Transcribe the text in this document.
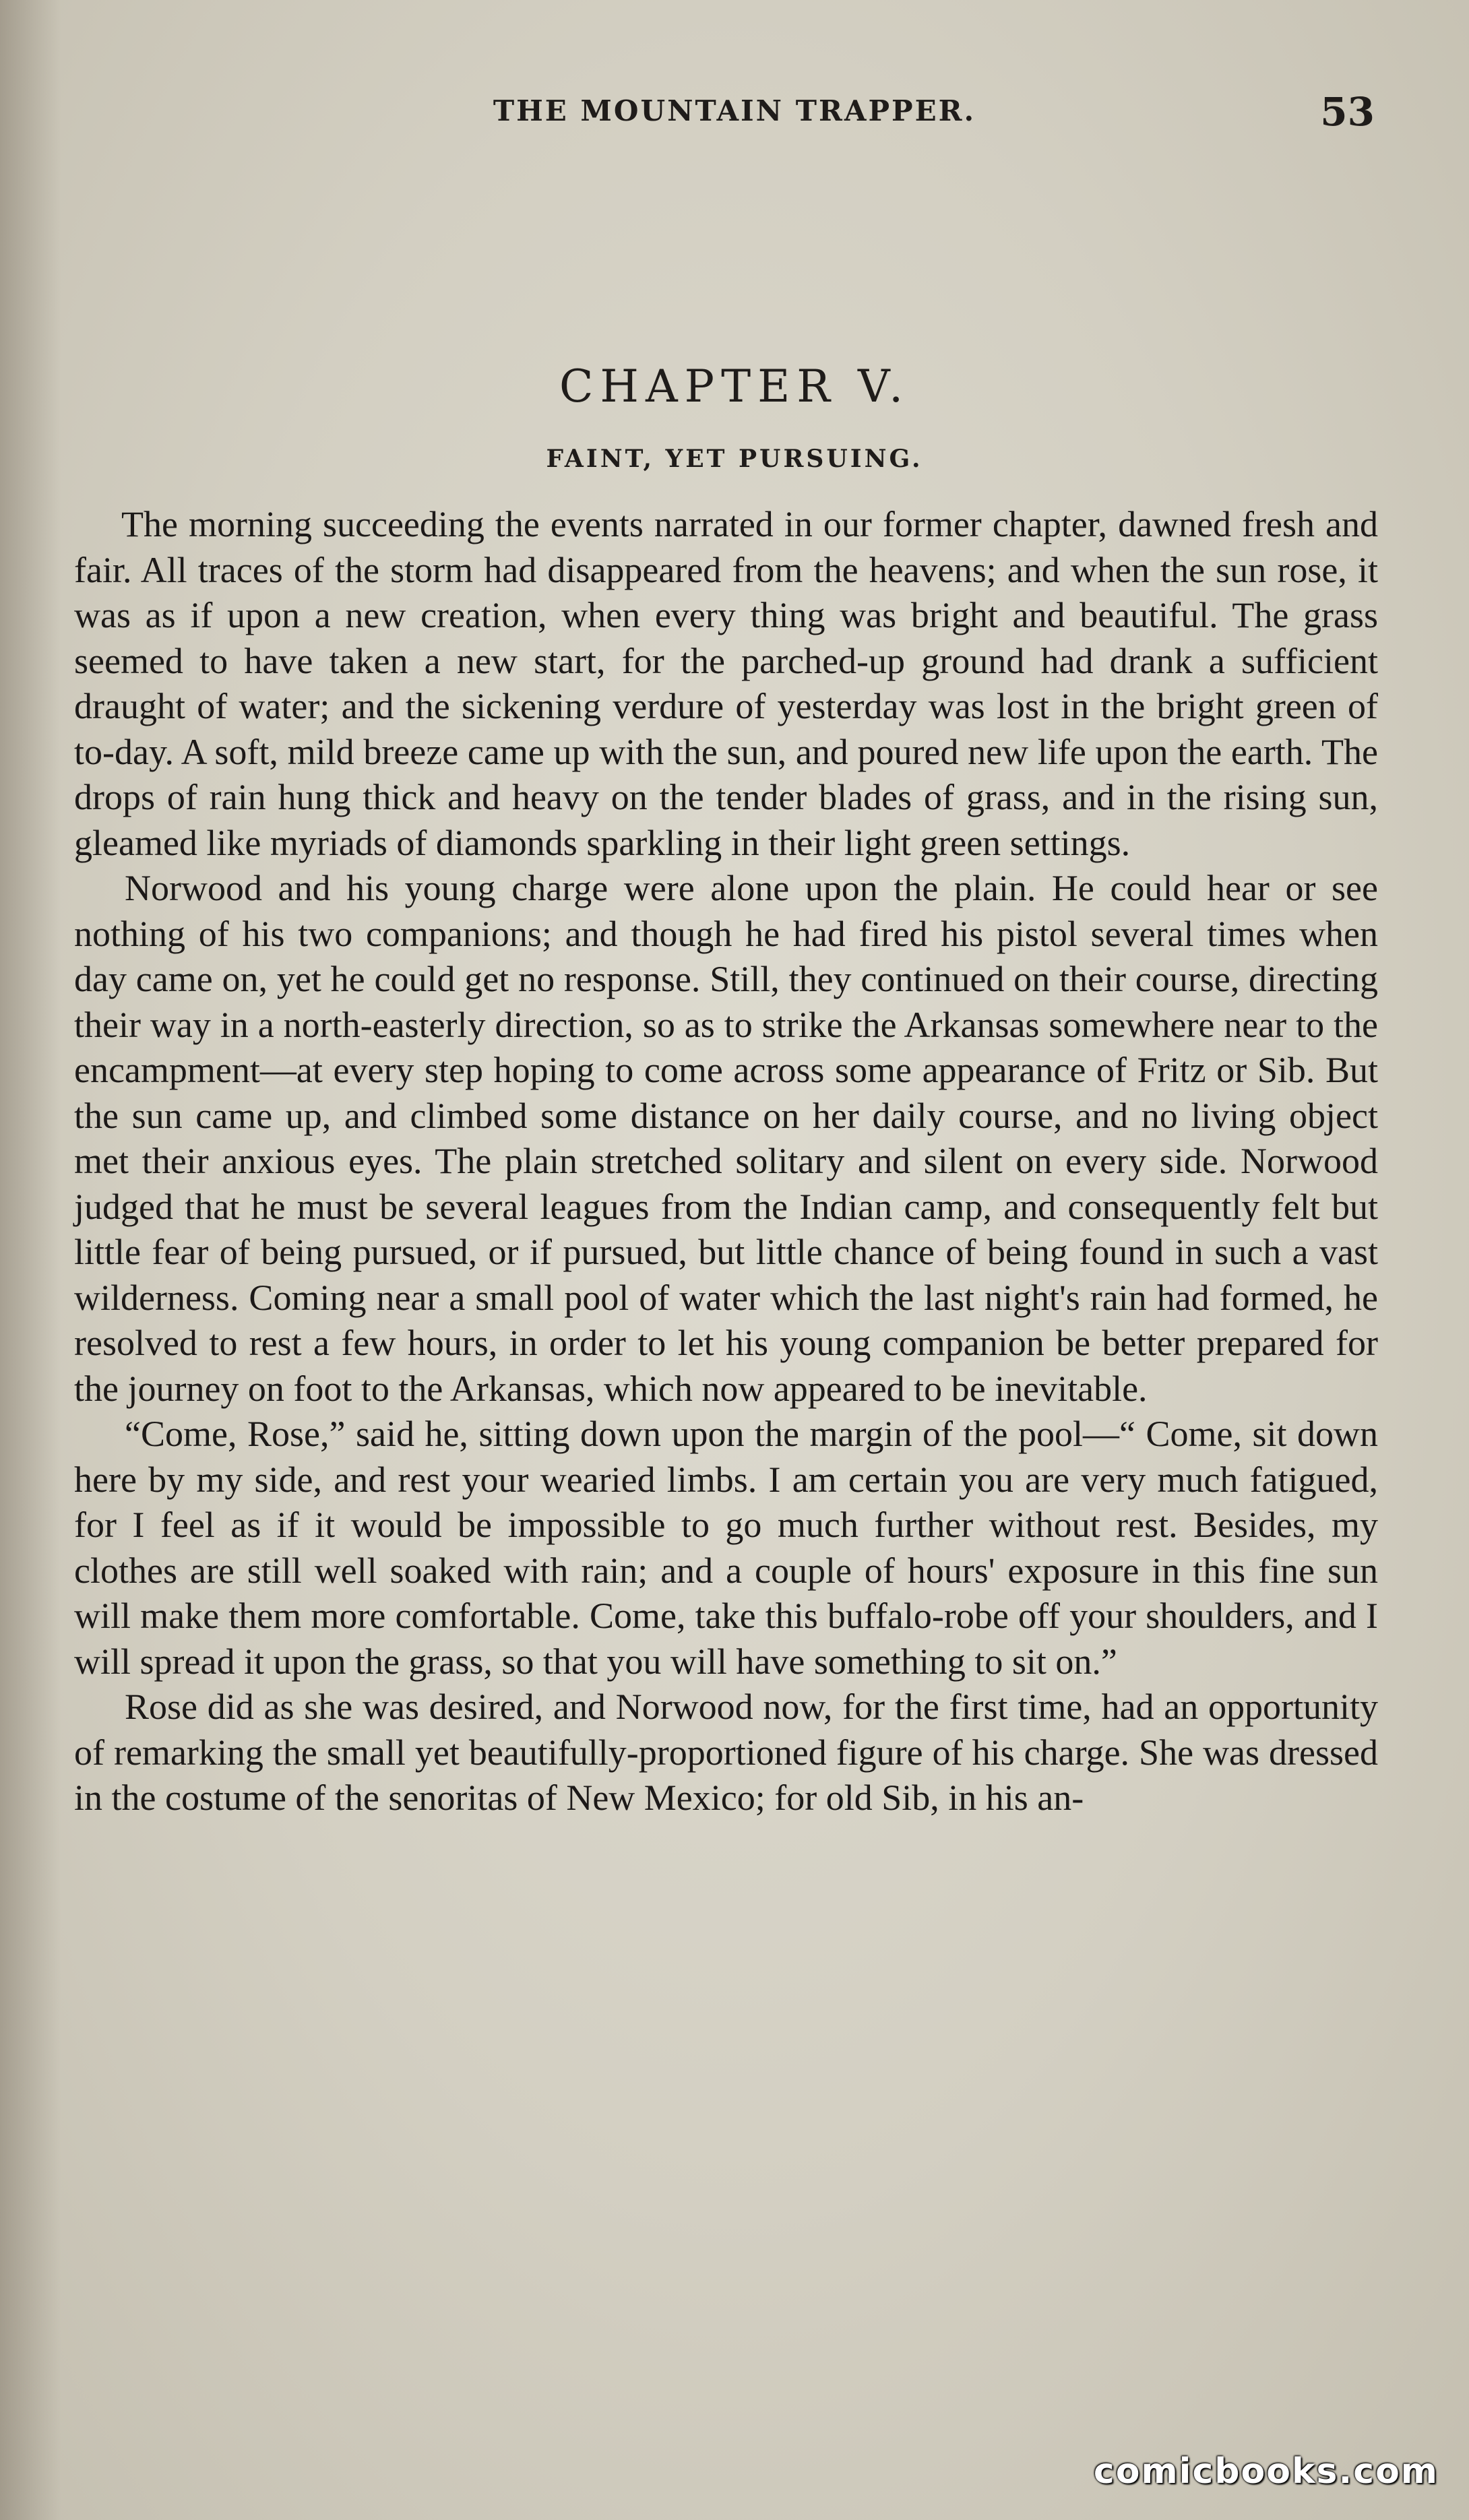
THE MOUNTAIN TRAPPER.	53
CHAPTER V.
FAINT, YET PURSUING.

The morning succeeding the events narrated in our former chapter, dawned fresh and fair. All traces of the storm had disappeared from the heavens; and when the sun rose, it was as if upon a new creation, when every thing was bright and beautiful. The grass seemed to have taken a new start, for the parched-up ground had drank a sufficient draught of water; and the sickening verdure of yesterday was lost in the bright green of to-day. A soft, mild breeze came up with the sun, and poured new life upon the earth. The drops of rain hung thick and heavy on the tender blades of grass, and in the rising sun, gleamed like myriads of diamonds sparkling in their light green settings.

Norwood and his young charge were alone upon the plain. He could hear or see nothing of his two companions; and though he had fired his pistol several times when day came on, yet he could get no response. Still, they continued on their course, directing their way in a north-easterly direction, so as to strike the Arkansas somewhere near to the encampment—at every step hoping to come across some appearance of Fritz or Sib. But the sun came up, and climbed some distance on her daily course, and no living object met their anxious eyes. The plain stretched solitary and silent on every side. Norwood judged that he must be several leagues from the Indian camp, and consequently felt but little fear of being pursued, or if pursued, but little chance of being found in such a vast wilderness. Coming near a small pool of water which the last night's rain had formed, he resolved to rest a few hours, in order to let his young companion be better prepared for the journey on foot to the Arkansas, which now appeared to be inevitable.

“Come, Rose,” said he, sitting down upon the margin of the pool—“ Come, sit down here by my side, and rest your wearied limbs. I am certain you are very much fatigued, for I feel as if it would be impossible to go much further without rest. Besides, my clothes are still well soaked with rain; and a couple of hours' exposure in this fine sun will make them more comfortable. Come, take this buffalo-robe off your shoulders, and I will spread it upon the grass, so that you will have something to sit on.”

Rose did as she was desired, and Norwood now, for the first time, had an opportunity of remarking the small yet beautifully-proportioned figure of his charge. She was dressed in the costume of the senoritas of New Mexico; for old Sib, in his an-

comicbooks.com
